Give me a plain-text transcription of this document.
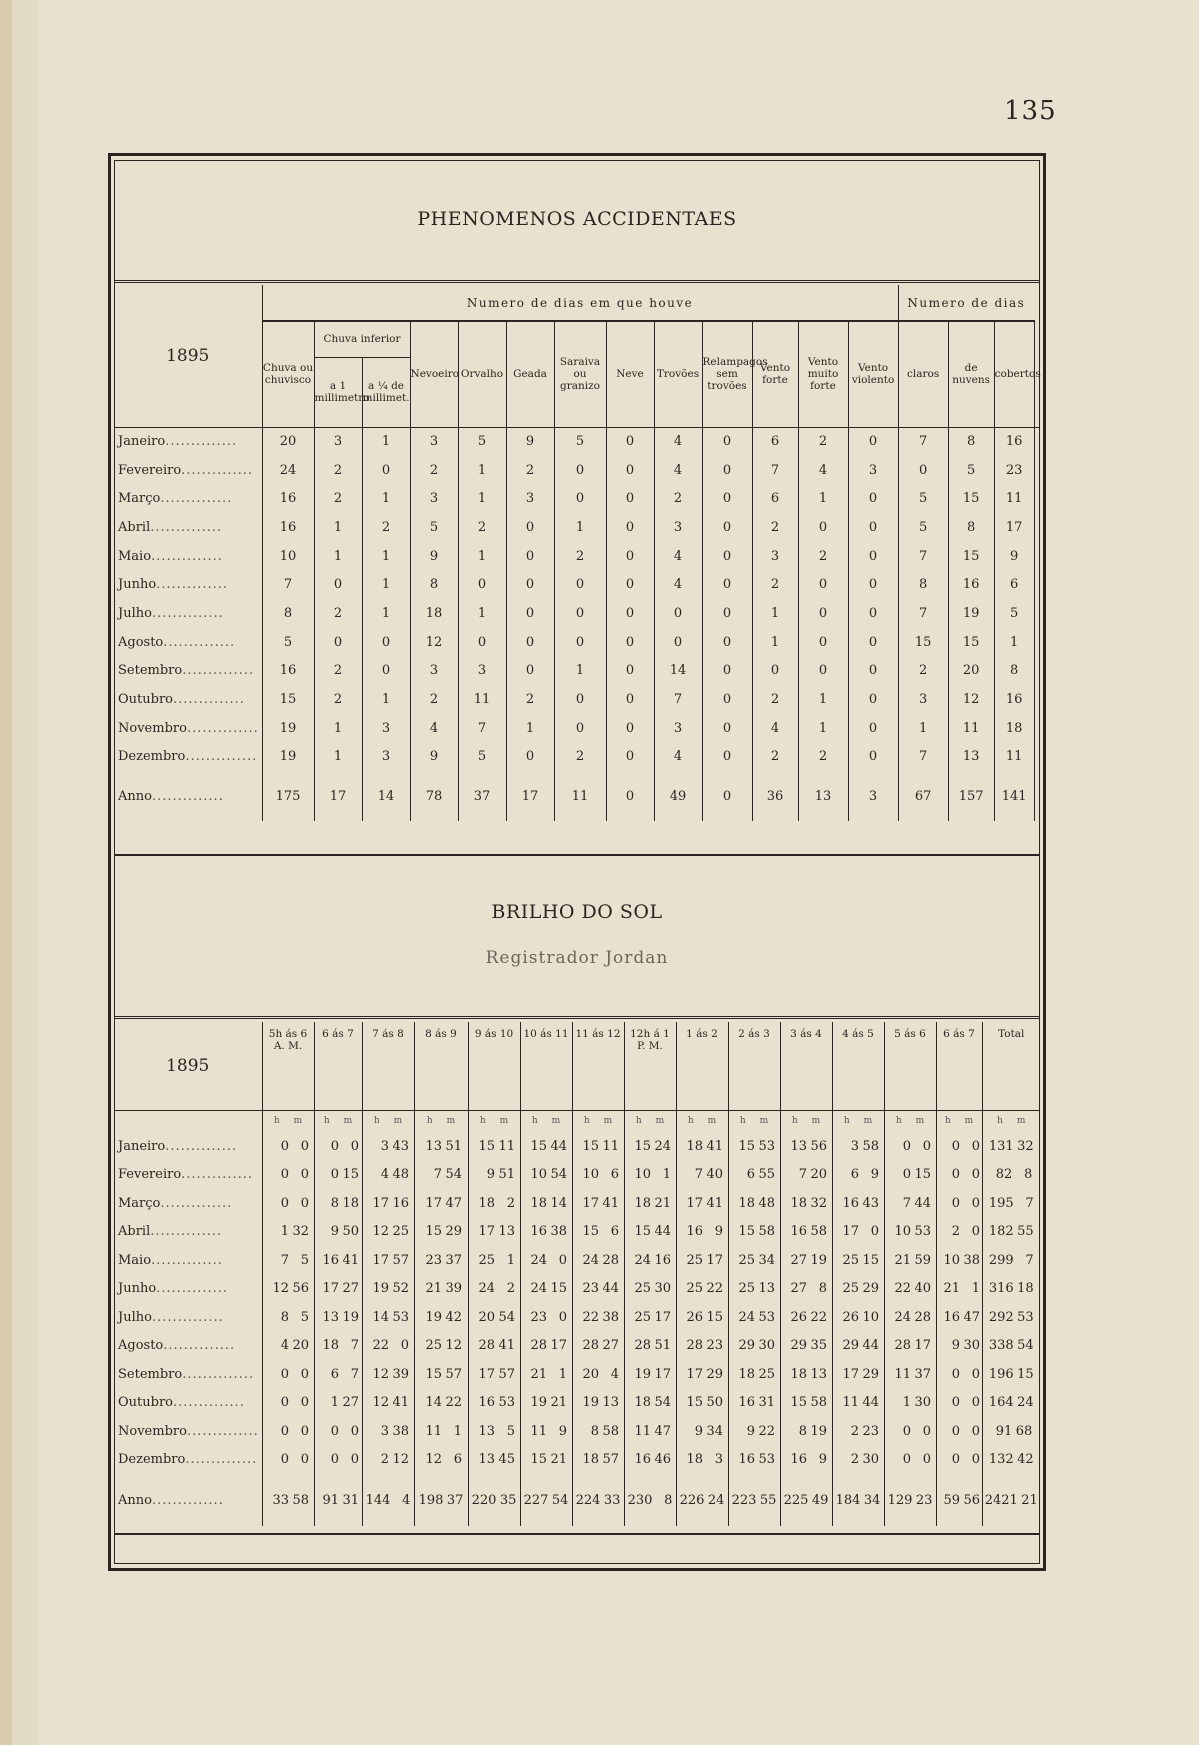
135
PHENOMENOS ACCIDENTAES
1895	Numero de dias em que houve													Numero de dias			
	Chuva ou chuvisco	Chuva inferior		Nevoeiro	Orvalho	Geada	Saraiva ou granizo	Neve	Trovões	Relampagos sem trovões	Vento forte	Vento muito forte	Vento violento	claros	de nuvens	cobertos	
		a 1 millimetro	a ¼ de millimet.														
Janeiro..............	20	3	1	3	5	9	5	0	4	0	6	2	0	7	8	16	
Fevereiro..............	24	2	0	2	1	2	0	0	4	0	7	4	3	0	5	23	
Março..............	16	2	1	3	1	3	0	0	2	0	6	1	0	5	15	11	
Abril..............	16	1	2	5	2	0	1	0	3	0	2	0	0	5	8	17	
Maio..............	10	1	1	9	1	0	2	0	4	0	3	2	0	7	15	9	
Junho..............	7	0	1	8	0	0	0	0	4	0	2	0	0	8	16	6	
Julho..............	8	2	1	18	1	0	0	0	0	0	1	0	0	7	19	5	
Agosto..............	5	0	0	12	0	0	0	0	0	0	1	0	0	15	15	1	
Setembro..............	16	2	0	3	3	0	1	0	14	0	0	0	0	2	20	8	
Outubro..............	15	2	1	2	11	2	0	0	7	0	2	1	0	3	12	16	
Novembro..............	19	1	3	4	7	1	0	0	3	0	4	1	0	1	11	18	
Dezembro..............	19	1	3	9	5	0	2	0	4	0	2	2	0	7	13	11	
Anno..............	175	17	14	78	37	17	11	0	49	0	36	13	3	67	157	141	
BRILHO DO SOL
Registrador Jordan
1895	5h ás 6 A. M.	6 ás 7	7 ás 8	8 ás 9	9 ás 10	10 ás 11	11 ás 12	12h á 1 P. M.	1 ás 2	2 ás 3	3 ás 4	4 ás 5	5 ás 6	6 ás 7	Total

	h m	h m	h m	h m	h m	h m	h m	h m	h m	h m	h m	h m	h m	h m	h m
Janeiro..............	0 0	0 0	3 43	13 51	15 11	15 44	15 11	15 24	18 41	15 53	13 56	3 58	0 0	0 0	131 32
Fevereiro..............	0 0	0 15	4 48	7 54	9 51	10 54	10 6	10 1	7 40	6 55	7 20	6 9	0 15	0 0	82 8
Março..............	0 0	8 18	17 16	17 47	18 2	18 14	17 41	18 21	17 41	18 48	18 32	16 43	7 44	0 0	195 7
Abril..............	1 32	9 50	12 25	15 29	17 13	16 38	15 6	15 44	16 9	15 58	16 58	17 0	10 53	2 0	182 55
Maio..............	7 5	16 41	17 57	23 37	25 1	24 0	24 28	24 16	25 17	25 34	27 19	25 15	21 59	10 38	299 7
Junho..............	12 56	17 27	19 52	21 39	24 2	24 15	23 44	25 30	25 22	25 13	27 8	25 29	22 40	21 1	316 18
Julho..............	8 5	13 19	14 53	19 42	20 54	23 0	22 38	25 17	26 15	24 53	26 22	26 10	24 28	16 47	292 53
Agosto..............	4 20	18 7	22 0	25 12	28 41	28 17	28 27	28 51	28 23	29 30	29 35	29 44	28 17	9 30	338 54
Setembro..............	0 0	6 7	12 39	15 57	17 57	21 1	20 4	19 17	17 29	18 25	18 13	17 29	11 37	0 0	196 15
Outubro..............	0 0	1 27	12 41	14 22	16 53	19 21	19 13	18 54	15 50	16 31	15 58	11 44	1 30	0 0	164 24
Novembro..............	0 0	0 0	3 38	11 1	13 5	11 9	8 58	11 47	9 34	9 22	8 19	2 23	0 0	0 0	91 68
Dezembro..............	0 0	0 0	2 12	12 6	13 45	15 21	18 57	16 46	18 3	16 53	16 9	2 30	0 0	0 0	132 42
Anno..............	33 58	91 31	144 4	198 37	220 35	227 54	224 33	230 8	226 24	223 55	225 49	184 34	129 23	59 56	2421 21
